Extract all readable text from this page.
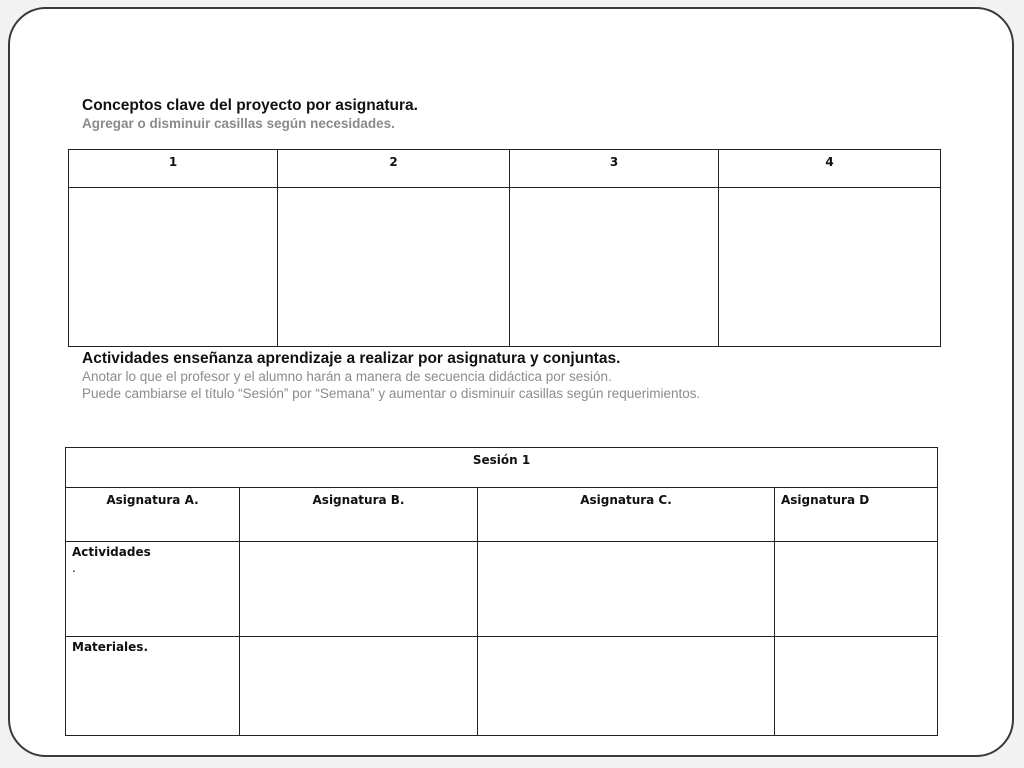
Conceptos clave del proyecto por asignatura.

Agregar o disminuir casillas según necesidades.

1	2	3	4

Actividades enseñanza aprendizaje a realizar por asignatura y conjuntas.

Anotar lo que el profesor y el alumno harán a manera de secuencia didáctica por sesión.

Puede cambiarse el título “Sesión” por “Semana” y aumentar o disminuir casillas según requerimientos.

Sesión 1			
Asignatura A.	Asignatura B.	Asignatura C.	Asignatura D
Actividades
.			

Materiales.			
